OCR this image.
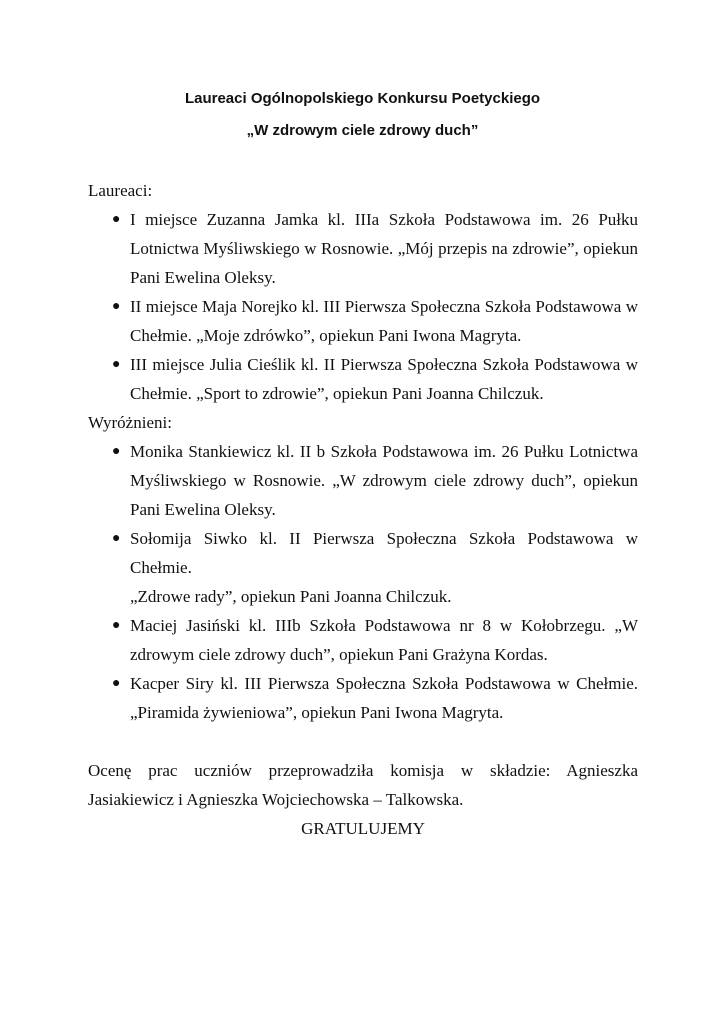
Laureaci Ogólnopolskiego Konkursu Poetyckiego
„W zdrowym ciele zdrowy duch”
Laureaci:
● I miejsce Zuzanna Jamka kl. IIIa Szkoła Podstawowa im. 26 Pułku Lotnictwa Myśliwskiego w Rosnowie. „Mój przepis na zdrowie”, opiekun Pani Ewelina Oleksy.
● II miejsce Maja Norejko kl. III Pierwsza Społeczna Szkoła Podstawowa w Chełmie. „Moje zdrówko”, opiekun Pani Iwona Magryta.
● III miejsce Julia Cieślik kl. II Pierwsza Społeczna Szkoła Podstawowa w Chełmie. „Sport to zdrowie”, opiekun Pani Joanna Chilczuk.
Wyróżnieni:
● Monika Stankiewicz kl. II b Szkoła Podstawowa im. 26 Pułku Lotnictwa Myśliwskiego w Rosnowie. „W zdrowym ciele zdrowy duch”, opiekun Pani Ewelina Oleksy.
● Sołomija Siwko kl. II Pierwsza Społeczna Szkoła Podstawowa w Chełmie.
„Zdrowe rady”, opiekun Pani Joanna Chilczuk.
● Maciej Jasiński kl. IIIb Szkoła Podstawowa nr 8 w Kołobrzegu. „W zdrowym ciele zdrowy duch”, opiekun Pani Grażyna Kordas.
● Kacper Siry kl. III Pierwsza Społeczna Szkoła Podstawowa w Chełmie. „Piramida żywieniowa”, opiekun Pani Iwona Magryta.

Ocenę prac uczniów przeprowadziła komisja w składzie: Agnieszka Jasiakiewicz i Agnieszka Wojciechowska – Talkowska.

GRATULUJEMY
